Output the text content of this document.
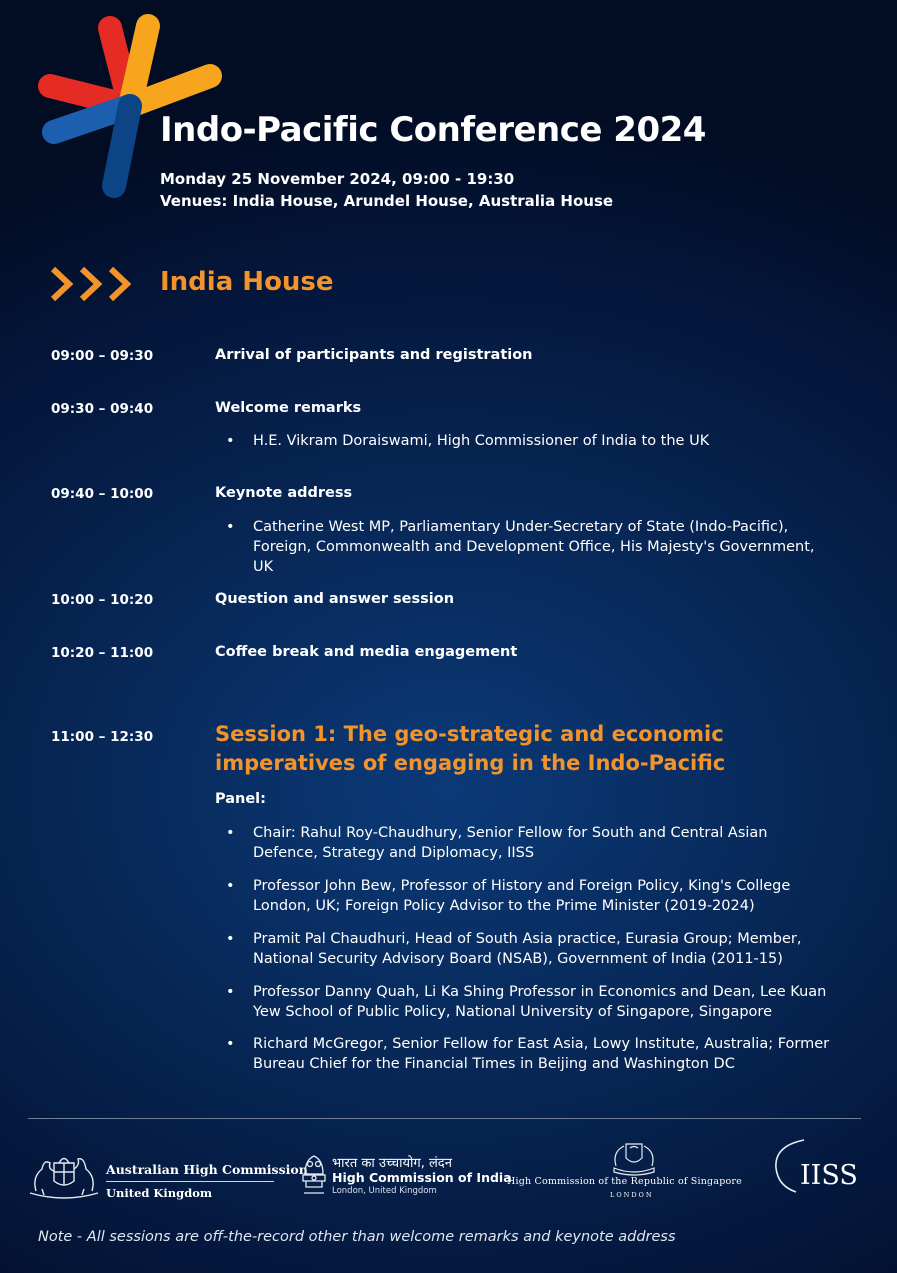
Indo-Pacific Conference 2024
Monday 25 November 2024, 09:00 - 19:30
Venues: India House, Arundel House, Australia House
India House
09:00 – 09:30	Arrival of participants and registration
09:30 – 09:40	Welcome remarks
• H.E. Vikram Doraiswami, High Commissioner of India to the UK
09:40 – 10:00	Keynote address
• Catherine West MP, Parliamentary Under-Secretary of State (Indo-Pacific), Foreign, Commonwealth and Development Office, His Majesty's Government, UK
10:00 – 10:20	Question and answer session
10:20 – 11:00	Coffee break and media engagement
11:00 – 12:30	Session 1: The geo-strategic and economic imperatives of engaging in the Indo-Pacific
Panel:
• Chair: Rahul Roy-Chaudhury, Senior Fellow for South and Central Asian Defence, Strategy and Diplomacy, IISS
• Professor John Bew, Professor of History and Foreign Policy, King's College London, UK; Foreign Policy Advisor to the Prime Minister (2019-2024)
• Pramit Pal Chaudhuri, Head of South Asia practice, Eurasia Group; Member, National Security Advisory Board (NSAB), Government of India (2011-15)
• Professor Danny Quah, Li Ka Shing Professor in Economics and Dean, Lee Kuan Yew School of Public Policy, National University of Singapore, Singapore
• Richard McGregor, Senior Fellow for East Asia, Lowy Institute, Australia; Former Bureau Chief for the Financial Times in Beijing and Washington DC
Australian High Commission
United Kingdom
भारत का उच्चायोग, लंदन
High Commission of India
London, United Kingdom
High Commission of the Republic of Singapore
LONDON
IISS
Note - All sessions are off-the-record other than welcome remarks and keynote address
